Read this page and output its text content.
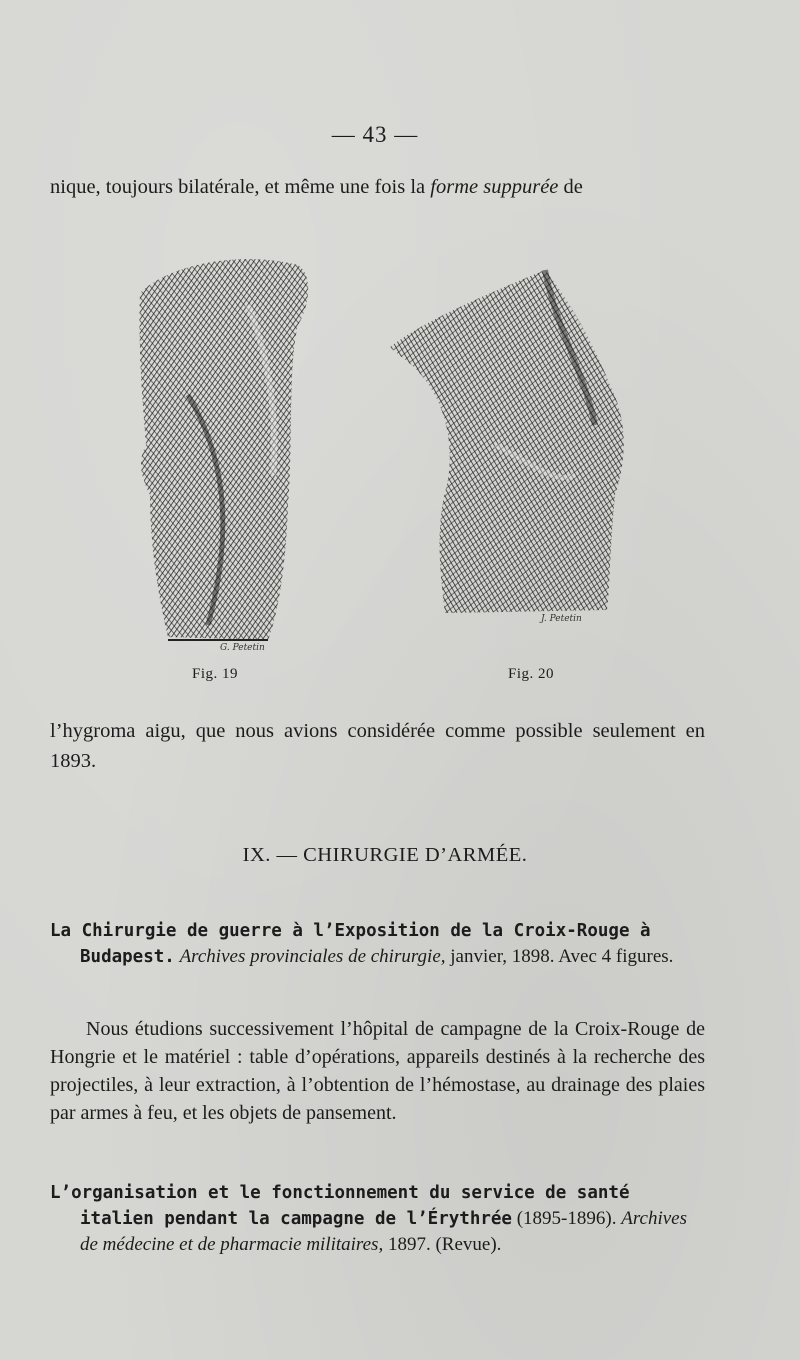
— 43 —
nique, toujours bilatérale, et même une fois la forme suppurée de
G. Petetin
J. Petetin
Fig. 19	Fig. 20
l’hygroma aigu, que nous avions considérée comme possible seulement en 1893.
IX. — CHIRURGIE D’ARMÉE.
La Chirurgie de guerre à l’Exposition de la Croix-Rouge à Budapest. Archives provinciales de chirurgie, janvier, 1898. Avec 4 figures.
Nous étudions successivement l’hôpital de campagne de la Croix-Rouge de Hongrie et le matériel : table d’opérations, appareils destinés à la recherche des projectiles, à leur extraction, à l’obtention de l’hémostase, au drainage des plaies par armes à feu, et les objets de pansement.
L’organisation et le fonctionnement du service de santé italien pendant la campagne de l’Érythrée (1895-1896). Archives de médecine et de pharmacie militaires, 1897. (Revue).
